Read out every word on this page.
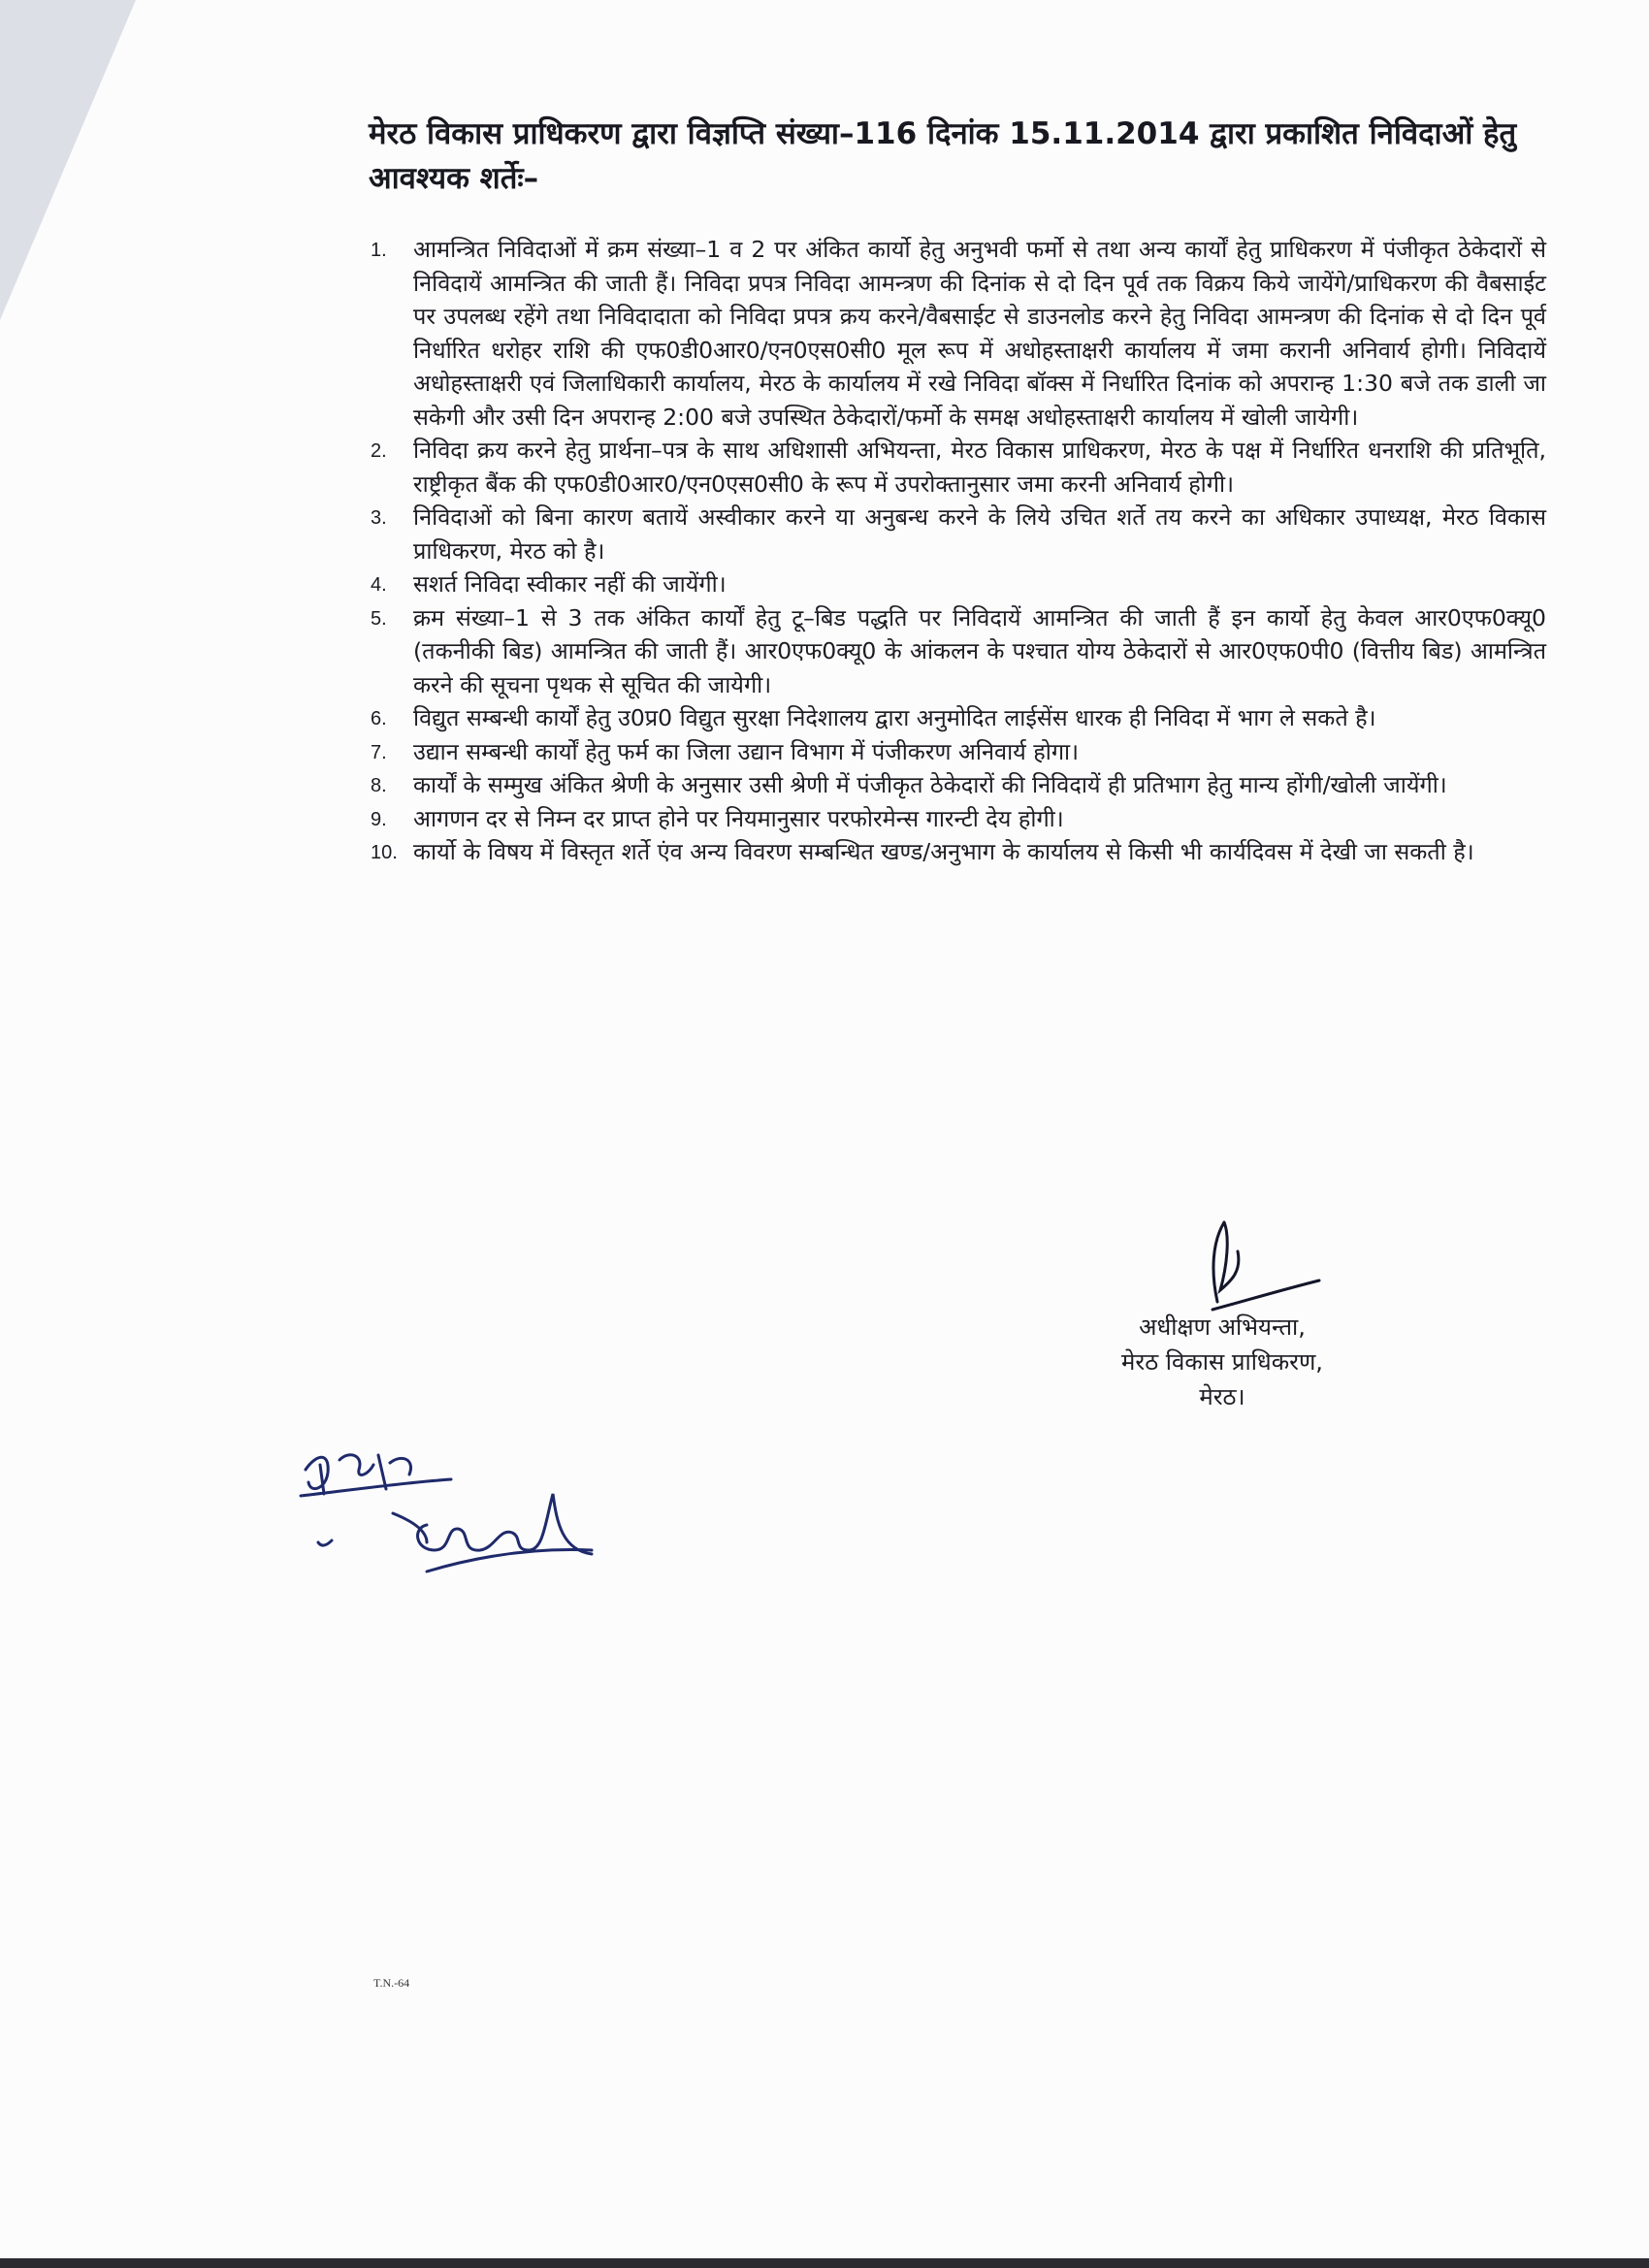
मेरठ विकास प्राधिकरण द्वारा विज्ञप्ति संख्या–116 दिनांक 15.11.2014 द्वारा प्रकाशित निविदाओं हेतु आवश्यक शर्तेः–
1. आमन्त्रित निविदाओं में क्रम संख्या–1 व 2 पर अंकित कार्यो हेतु अनुभवी फर्मो से तथा अन्य कार्यों हेतु प्राधिकरण में पंजीकृत ठेकेदारों से निविदायें आमन्त्रित की जाती हैं। निविदा प्रपत्र निविदा आमन्त्रण की दिनांक से दो दिन पूर्व तक विक्रय किये जायेंगे/प्राधिकरण की वैबसाईट पर उपलब्ध रहेंगे तथा निविदादाता को निविदा प्रपत्र क्रय करने/वैबसाईट से डाउनलोड करने हेतु निविदा आमन्त्रण की दिनांक से दो दिन पूर्व निर्धारित धरोहर राशि की एफ0डी0आर0/एन0एस0सी0 मूल रूप में अधोहस्ताक्षरी कार्यालय में जमा करानी अनिवार्य होगी। निविदायें अधोहस्ताक्षरी एवं जिलाधिकारी कार्यालय, मेरठ के कार्यालय में रखे निविदा बॉक्स में निर्धारित दिनांक को अपरान्ह 1:30 बजे तक डाली जा सकेगी और उसी दिन अपरान्ह 2:00 बजे उपस्थित ठेकेदारों/फर्मो के समक्ष अधोहस्ताक्षरी कार्यालय में खोली जायेगी।
2. निविदा क्रय करने हेतु प्रार्थना–पत्र के साथ अधिशासी अभियन्ता, मेरठ विकास प्राधिकरण, मेरठ के पक्ष में निर्धारित धनराशि की प्रतिभूति, राष्ट्रीकृत बैंक की एफ0डी0आर0/एन0एस0सी0 के रूप में उपरोक्तानुसार जमा करनी अनिवार्य होगी।
3. निविदाओं को बिना कारण बतायें अस्वीकार करने या अनुबन्ध करने के लिये उचित शर्ते तय करने का अधिकार उपाध्यक्ष, मेरठ विकास प्राधिकरण, मेरठ को है।
4. सशर्त निविदा स्वीकार नहीं की जायेंगी।
5. क्रम संख्या–1 से 3 तक अंकित कार्यों हेतु टू–बिड पद्धति पर निविदायें आमन्त्रित की जाती हैं इन कार्यो हेतु केवल आर0एफ0क्यू0 (तकनीकी बिड) आमन्त्रित की जाती हैं। आर0एफ0क्यू0 के आंकलन के पश्चात योग्य ठेकेदारों से आर0एफ0पी0 (वित्तीय बिड) आमन्त्रित करने की सूचना पृथक से सूचित की जायेगी।
6. विद्युत सम्बन्धी कार्यों हेतु उ0प्र0 विद्युत सुरक्षा निदेशालय द्वारा अनुमोदित लाईसेंस धारक ही निविदा में भाग ले सकते है।
7. उद्यान सम्बन्धी कार्यों हेतु फर्म का जिला उद्यान विभाग में पंजीकरण अनिवार्य होगा।
8. कार्यों के सम्मुख अंकित श्रेणी के अनुसार उसी श्रेणी में पंजीकृत ठेकेदारों की निविदायें ही प्रतिभाग हेतु मान्य होंगी/खोली जायेंगी।
9. आगणन दर से निम्न दर प्राप्त होने पर नियमानुसार परफोरमेन्स गारन्टी देय होगी।
10. कार्यो के विषय में विस्तृत शर्ते एंव अन्य विवरण सम्बन्धित खण्ड/अनुभाग के कार्यालय से किसी भी कार्यदिवस में देखी जा सकती है।
अधीक्षण अभियन्ता,
मेरठ विकास प्राधिकरण,
मेरठ।
T.N.-64
